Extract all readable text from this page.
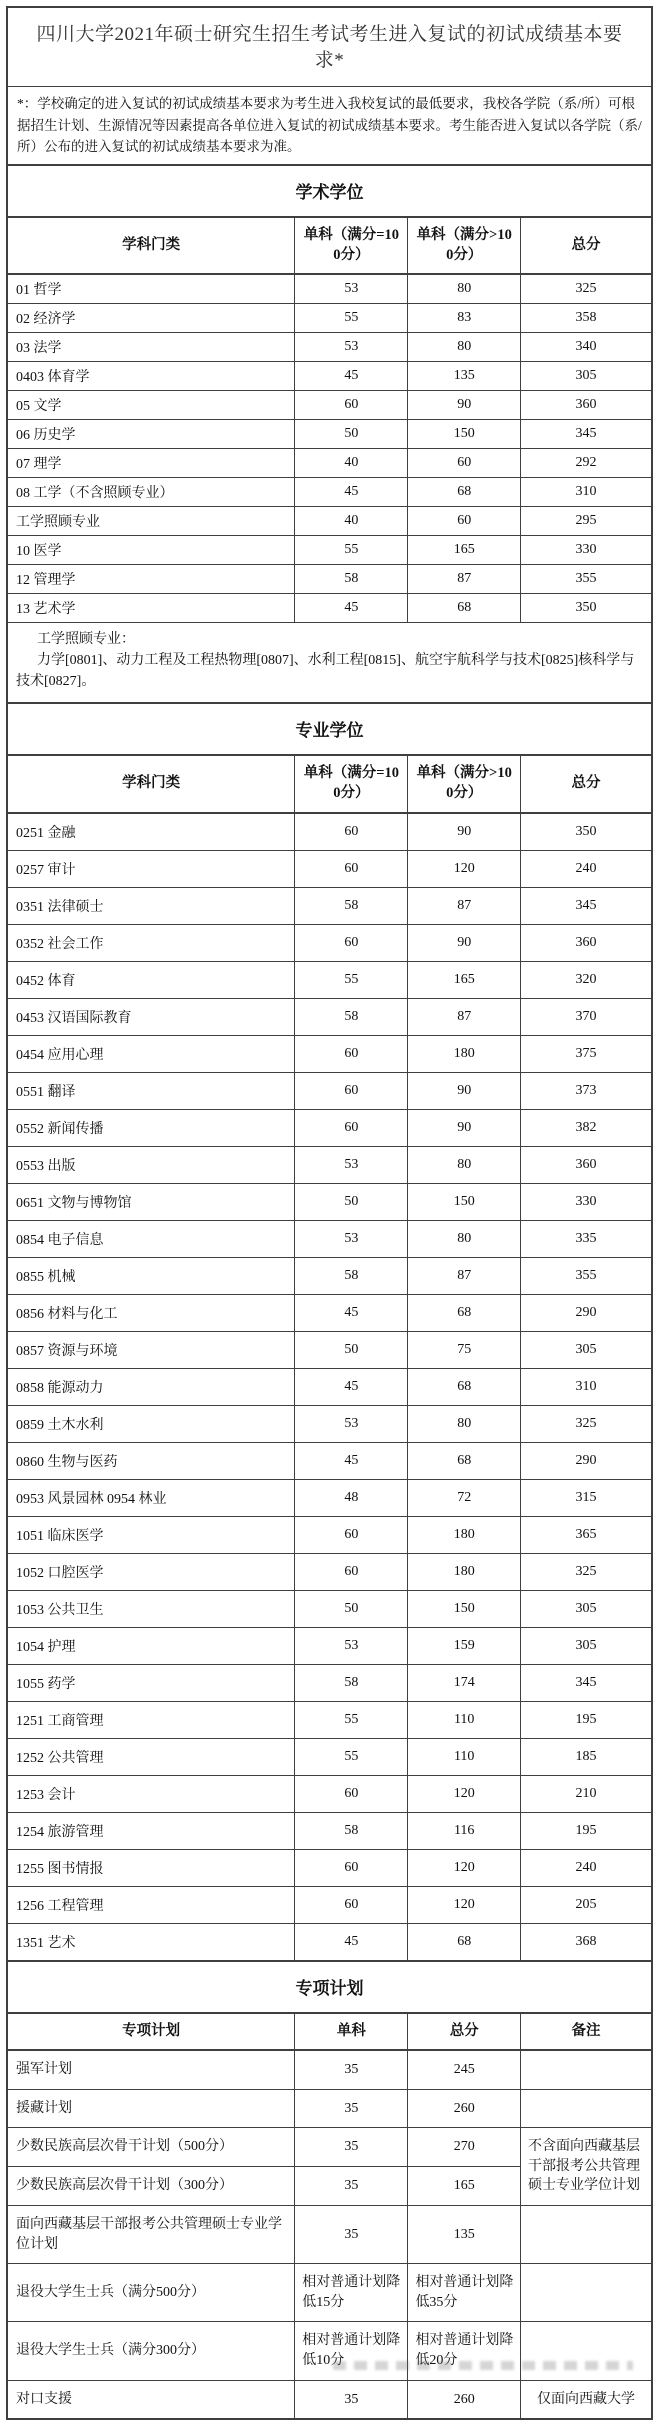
四川大学2021年硕士研究生招生考试考生进入复试的初试成绩基本要求*
*：学校确定的进入复试的初试成绩基本要求为考生进入我校复试的最低要求，我校各学院（系/所）可根据招生计划、生源情况等因素提高各单位进入复试的初试成绩基本要求。考生能否进入复试以各学院（系/所）公布的进入复试的初试成绩基本要求为准。
学术学位
学科门类	单科（满分=100分）	单科（满分>100分）	总分
01 哲学	53	80	325
02 经济学	55	83	358
03 法学	53	80	340
0403 体育学	45	135	305
05 文学	60	90	360
06 历史学	50	150	345
07 理学	40	60	292
08 工学（不含照顾专业）	45	68	310
工学照顾专业	40	60	295
10 医学	55	165	330
12 管理学	58	87	355
13 艺术学	45	68	350

工学照顾专业：
力学[0801]、动力工程及工程热物理[0807]、水利工程[0815]、航空宇航科学与技术[0825]核科学与技术[0827]。			
专业学位
学科门类	单科（满分=100分）	单科（满分>100分）	总分
0251 金融	60	90	350
0257 审计	60	120	240
0351 法律硕士	58	87	345
0352 社会工作	60	90	360
0452 体育	55	165	320
0453 汉语国际教育	58	87	370
0454 应用心理	60	180	375
0551 翻译	60	90	373
0552 新闻传播	60	90	382
0553 出版	53	80	360
0651 文物与博物馆	50	150	330
0854 电子信息	53	80	335
0855 机械	58	87	355
0856 材料与化工	45	68	290
0857 资源与环境	50	75	305
0858 能源动力	45	68	310
0859 土木水利	53	80	325
0860 生物与医药	45	68	290
0953 风景园林 0954 林业	48	72	315
1051 临床医学	60	180	365
1052 口腔医学	60	180	325
1053 公共卫生	50	150	305
1054 护理	53	159	305
1055 药学	58	174	345
1251 工商管理	55	110	195
1252 公共管理	55	110	185
1253 会计	60	120	210
1254 旅游管理	58	116	195
1255 图书情报	60	120	240
1256 工程管理	60	120	205
1351 艺术	45	68	368
专项计划
专项计划	单科	总分	备注
强军计划	35	245	
援藏计划	35	260	
少数民族高层次骨干计划（500分）	35	270	不含面向西藏基层干部报考公共管理硕士专业学位计划
少数民族高层次骨干计划（300分）	35	165	
面向西藏基层干部报考公共管理硕士专业学位计划	35	135	
退役大学生士兵（满分500分）	相对普通计划降低15分	相对普通计划降低35分	
退役大学生士兵（满分300分）	相对普通计划降低10分	相对普通计划降低20分	
对口支援	35	260	仅面向西藏大学
